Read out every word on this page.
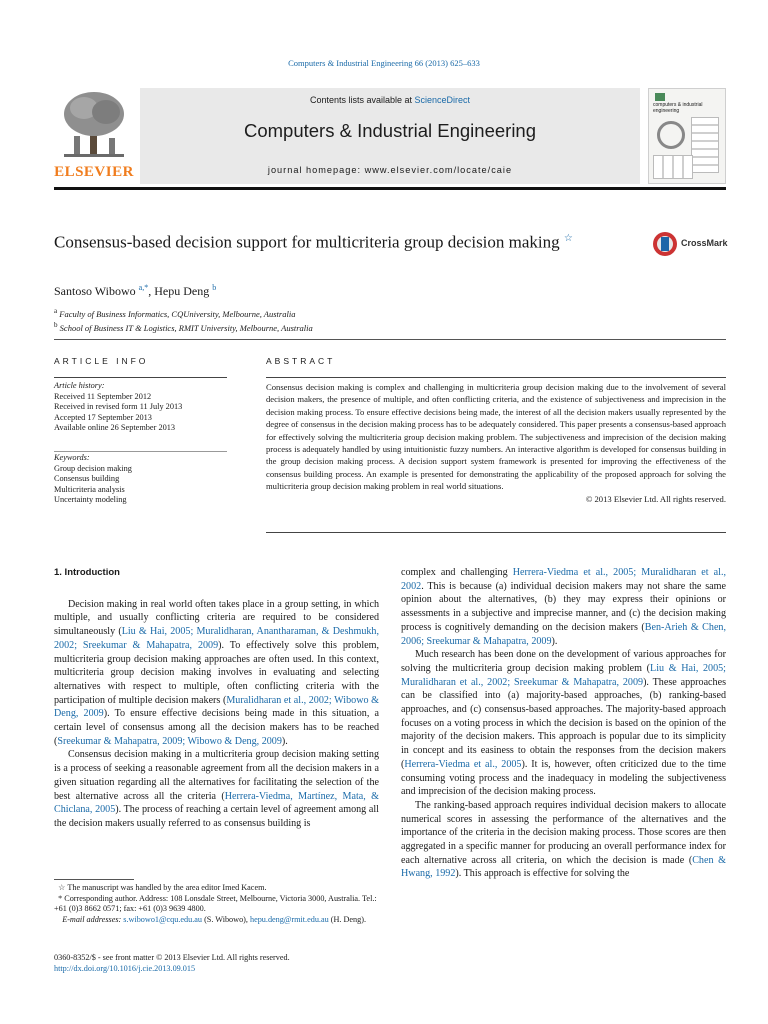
Computers & Industrial Engineering 66 (2013) 625–633
ELSEVIER
Contents lists available at ScienceDirect
Computers & Industrial Engineering
journal homepage: www.elsevier.com/locate/caie
computers & industrial engineering
Consensus-based decision support for multicriteria group decision making ☆	CrossMark
Santoso Wibowo $^{a,*}$, Hepu Deng $^b$
$^a$ Faculty of Business Informatics, CQUniversity, Melbourne, Australia
$^b$ School of Business IT & Logistics, RMIT University, Melbourne, Australia
ARTICLE INFO
Article history:
Received 11 September 2012
Received in revised form 11 July 2013
Accepted 17 September 2013
Available online 26 September 2013
Keywords:
Group decision making
Consensus building
Multicriteria analysis
Uncertainty modeling
ABSTRACT
Consensus decision making is complex and challenging in multicriteria group decision making due to the involvement of several decision makers, the presence of multiple, and often conflicting criteria, and the existence of subjectiveness and imprecision in the decision making process. To ensure effective decisions being made, the interest of all the decision makers usually represented by the degree of consensus in the decision making process has to be adequately considered. This paper presents a consensus-based approach for effectively solving the multicriteria group decision making problem. The subjectiveness and imprecision of the decision making process is adequately handled by using intuitionistic fuzzy numbers. An interactive algorithm is developed for consensus building in the group decision making process. A decision support system framework is presented for improving the effectiveness of the consensus building process. An example is presented for demonstrating the applicability of the proposed approach for solving the multicriteria group decision making problem in real world situations.
© 2013 Elsevier Ltd. All rights reserved.
1. Introduction

Decision making in real world often takes place in a group setting, in which multiple, and usually conflicting criteria are required to be considered simultaneously (Liu & Hai, 2005; Muralidharan, Anantharaman, & Deshmukh, 2002; Sreekumar & Mahapatra, 2009). To effectively solve this problem, multicriteria group decision making approaches are often used. In this context, multicriteria group decision making involves in evaluating and selecting alternatives with respect to multiple, often conflicting criteria with the participation of multiple decision makers (Muralidharan et al., 2002; Wibowo & Deng, 2009). To ensure effective decisions being made in this situation, a certain level of consensus among all the decision makers has to be reached (Sreekumar & Mahapatra, 2009; Wibowo & Deng, 2009).

Consensus decision making in a multicriteria group decision making setting is a process of seeking a reasonable agreement from all the decision makers in a given situation regarding all the alternatives for facilitating the selection of the best alternative across all the criteria (Herrera-Viedma, Martínez, Mata, & Chiclana, 2005). The process of reaching a certain level of agreement among all the decision makers usually referred to as consensus building is

complex and challenging Herrera-Viedma et al., 2005; Muralidharan et al., 2002. This is because (a) individual decision makers may not share the same opinion about the alternatives, (b) they may express their opinions or assessments in a subjective and imprecise manner, and (c) the decision making process is cognitively demanding on the decision makers (Ben-Arieh & Chen, 2006; Sreekumar & Mahapatra, 2009).

Much research has been done on the development of various approaches for solving the multicriteria group decision making problem (Liu & Hai, 2005; Muralidharan et al., 2002; Sreekumar & Mahapatra, 2009). These approaches can be classified into (a) majority-based approaches, (b) ranking-based approaches, and (c) consensus-based approaches. The majority-based approach focuses on a voting process in which the decision is based on the opinion of the majority of the decision makers. This approach is popular due to its simplicity in concept and its easiness to obtain the responses from the decision makers (Herrera-Viedma et al., 2005). It is, however, often criticized due to the time consuming voting process and the inadequacy in modeling the subjectiveness and imprecision of the decision making process.

The ranking-based approach requires individual decision makers to allocate numerical scores in assessing the performance of the alternatives and the importance of the criteria in the decision making process. Those scores are then aggregated in a specific manner for producing an overall performance index for each alternative across all criteria, on which the decision is made (Chen & Hwang, 1992). This approach is effective for solving the

☆ The manuscript was handled by the area editor Imed Kacem.
* Corresponding author. Address: 108 Lonsdale Street, Melbourne, Victoria 3000, Australia. Tel.: +61 (0)3 8662 0571; fax: +61 (0)3 9639 4800.
E-mail addresses: s.wibowo1@cqu.edu.au (S. Wibowo), hepu.deng@rmit.edu.au (H. Deng).
0360-8352/$ - see front matter © 2013 Elsevier Ltd. All rights reserved.
http://dx.doi.org/10.1016/j.cie.2013.09.015
